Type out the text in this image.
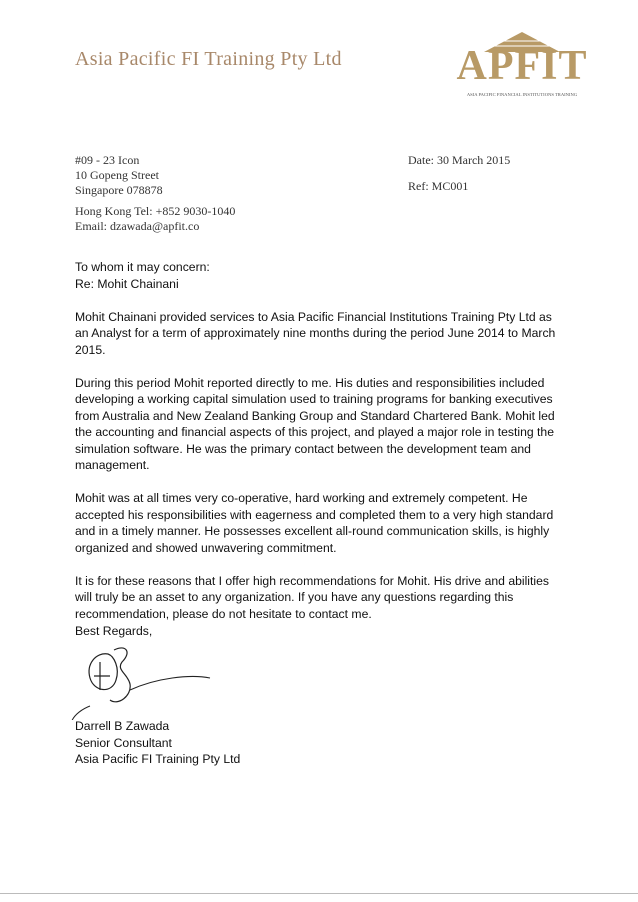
Asia Pacific FI Training Pty Ltd	APFIT
ASIA PACIFIC FINANCIAL INSTITUTIONS TRAINING
#09 - 23 Icon
10 Gopeng Street
Singapore 078878
Hong Kong Tel: +852 9030-1040
Email: dzawada@apfit.co
Date: 30 March 2015
Ref: MC001
To whom it may concern:
Re: Mohit Chainani

Mohit Chainani provided services to Asia Pacific Financial Institutions Training Pty Ltd as an Analyst for a term of approximately nine months during the period June 2014 to March 2015.

During this period Mohit reported directly to me. His duties and responsibilities included developing a working capital simulation used to training programs for banking executives from Australia and New Zealand Banking Group and Standard Chartered Bank. Mohit led the accounting and financial aspects of this project, and played a major role in testing the simulation software. He was the primary contact between the development team and management.

Mohit was at all times very co-operative, hard working and extremely competent. He accepted his responsibilities with eagerness and completed them to a very high standard and in a timely manner. He possesses excellent all-round communication skills, is highly organized and showed unwavering commitment.

It is for these reasons that I offer high recommendations for Mohit. His drive and abilities will truly be an asset to any organization. If you have any questions regarding this recommendation, please do not hesitate to contact me.

Best Regards,
Darrell B Zawada
Senior Consultant
Asia Pacific FI Training Pty Ltd
